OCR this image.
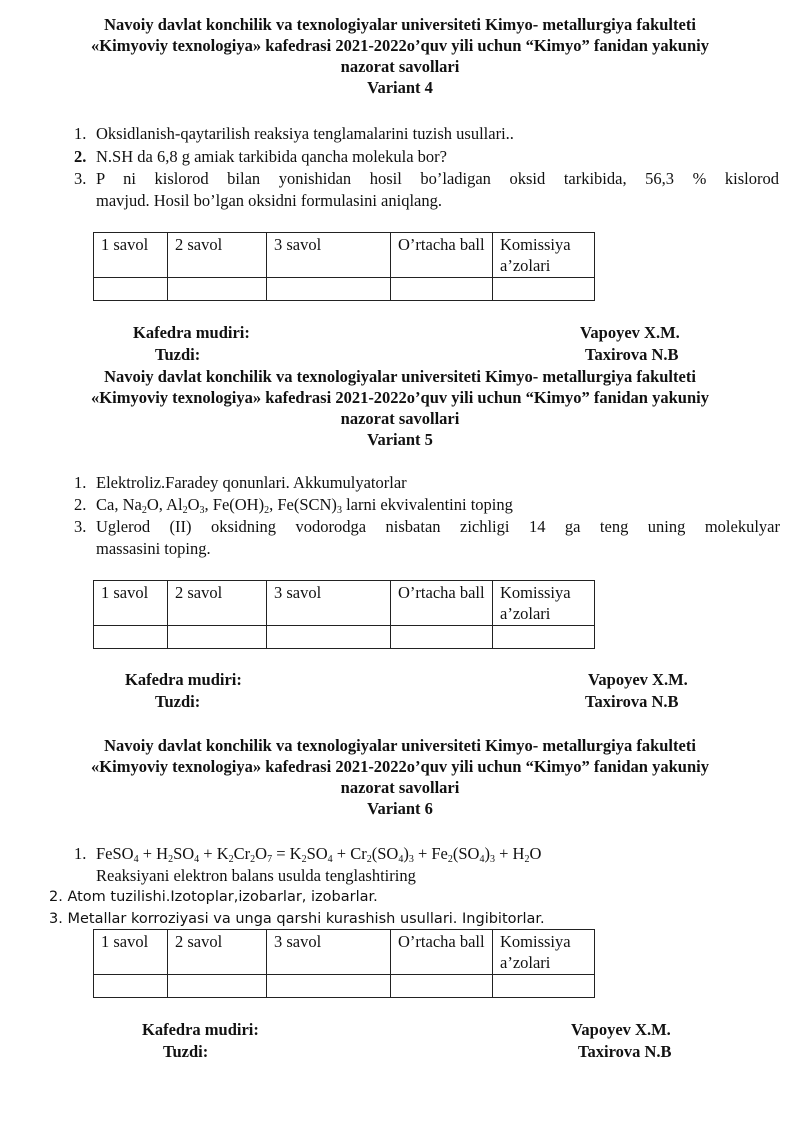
Navoiy davlat konchilik va texnologiyalar universiteti Kimyo- metallurgiya fakulteti
«Kimyoviy texnologiya» kafedrasi 2021-2022o’quv yili uchun “Kimyo” fanidan yakuniy
nazorat savollari
Variant 4
1. Oksidlanish-qaytarilish reaksiya tenglamalarini tuzish usullari..
2. N.SH da 6,8 g amiak tarkibida qancha molekula bor?
3. P ni kislorod bilan yonishidan hosil bo’ladigan oksid tarkibida, 56,3 % kislorod
mavjud. Hosil bo’lgan oksidni formulasini aniqlang.
1 savol	2 savol	3 savol	O’rtacha ball	Komissiya a’zolari

Kafedra mudiri:	Vapoyev X.M.
Tuzdi:	Taxirova N.B
Navoiy davlat konchilik va texnologiyalar universiteti Kimyo- metallurgiya fakulteti
«Kimyoviy texnologiya» kafedrasi 2021-2022o’quv yili uchun “Kimyo” fanidan yakuniy
nazorat savollari
Variant 5
1. Elektroliz.Faradey qonunlari. Akkumulyatorlar
2. Ca, $Na_2O$, $Al_2O_3$, $Fe(OH)_2$, $Fe(SCN)_3$ larni ekvivalentini toping
3. Uglerod (II) oksidning vodorodga nisbatan zichligi 14 ga teng uning molekulyar
massasini toping.
1 savol	2 savol	3 savol	O’rtacha ball	Komissiya a’zolari

Kafedra mudiri:	Vapoyev X.M.
Tuzdi:	Taxirova N.B
Navoiy davlat konchilik va texnologiyalar universiteti Kimyo- metallurgiya fakulteti
«Kimyoviy texnologiya» kafedrasi 2021-2022o’quv yili uchun “Kimyo” fanidan yakuniy
nazorat savollari
Variant 6
1. FeSO$_4$ + $H_2SO_4 + K_2Cr_2O_7 = K_2SO_4 + Cr_2(SO_4)_3 + Fe_2(SO_4)_3 + H_2O$
Reaksiyani elektron balans usulda tenglashtiring
2. Atom tuzilishi.Izotoplar,izobarlar, izobarlar.
3. Metallar korroziyasi va unga qarshi kurashish usullari. Ingibitorlar.
1 savol	2 savol	3 savol	O’rtacha ball	Komissiya a’zolari

Kafedra mudiri:	Vapoyev X.M.
Tuzdi:	Taxirova N.B
